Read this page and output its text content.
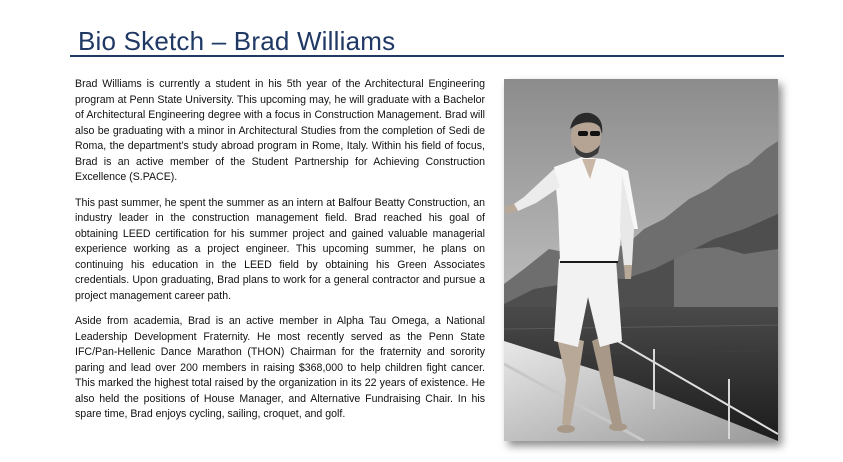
Bio Sketch – Brad Williams

Brad Williams is currently a student in his 5th year of the Architectural Engineering program at Penn State University. This upcoming may, he will graduate with a Bachelor of Architectural Engineering degree with a focus in Construction Management. Brad will also be graduating with a minor in Architectural Studies from the completion of Sedi de Roma, the department’s study abroad program in Rome, Italy. Within his field of focus, Brad is an active member of the Student Partnership for Achieving Construction Excellence (S.PACE).

This past summer, he spent the summer as an intern at Balfour Beatty Construction, an industry leader in the construction management field. Brad reached his goal of obtaining LEED certification for his summer project and gained valuable managerial experience working as a project engineer. This upcoming summer, he plans on continuing his education in the LEED field by obtaining his Green Associates credentials. Upon graduating, Brad plans to work for a general contractor and pursue a project management career path.

Aside from academia, Brad is an active member in Alpha Tau Omega, a National Leadership Development Fraternity. He most recently served as the Penn State IFC/Pan-Hellenic Dance Marathon (THON) Chairman for the fraternity and sorority paring and lead over 200 members in raising $368,000 to help children fight cancer. This marked the highest total raised by the organization in its 22 years of existence. He also held the positions of House Manager, and Alternative Fundraising Chair. In his spare time, Brad enjoys cycling, sailing, croquet, and golf.
